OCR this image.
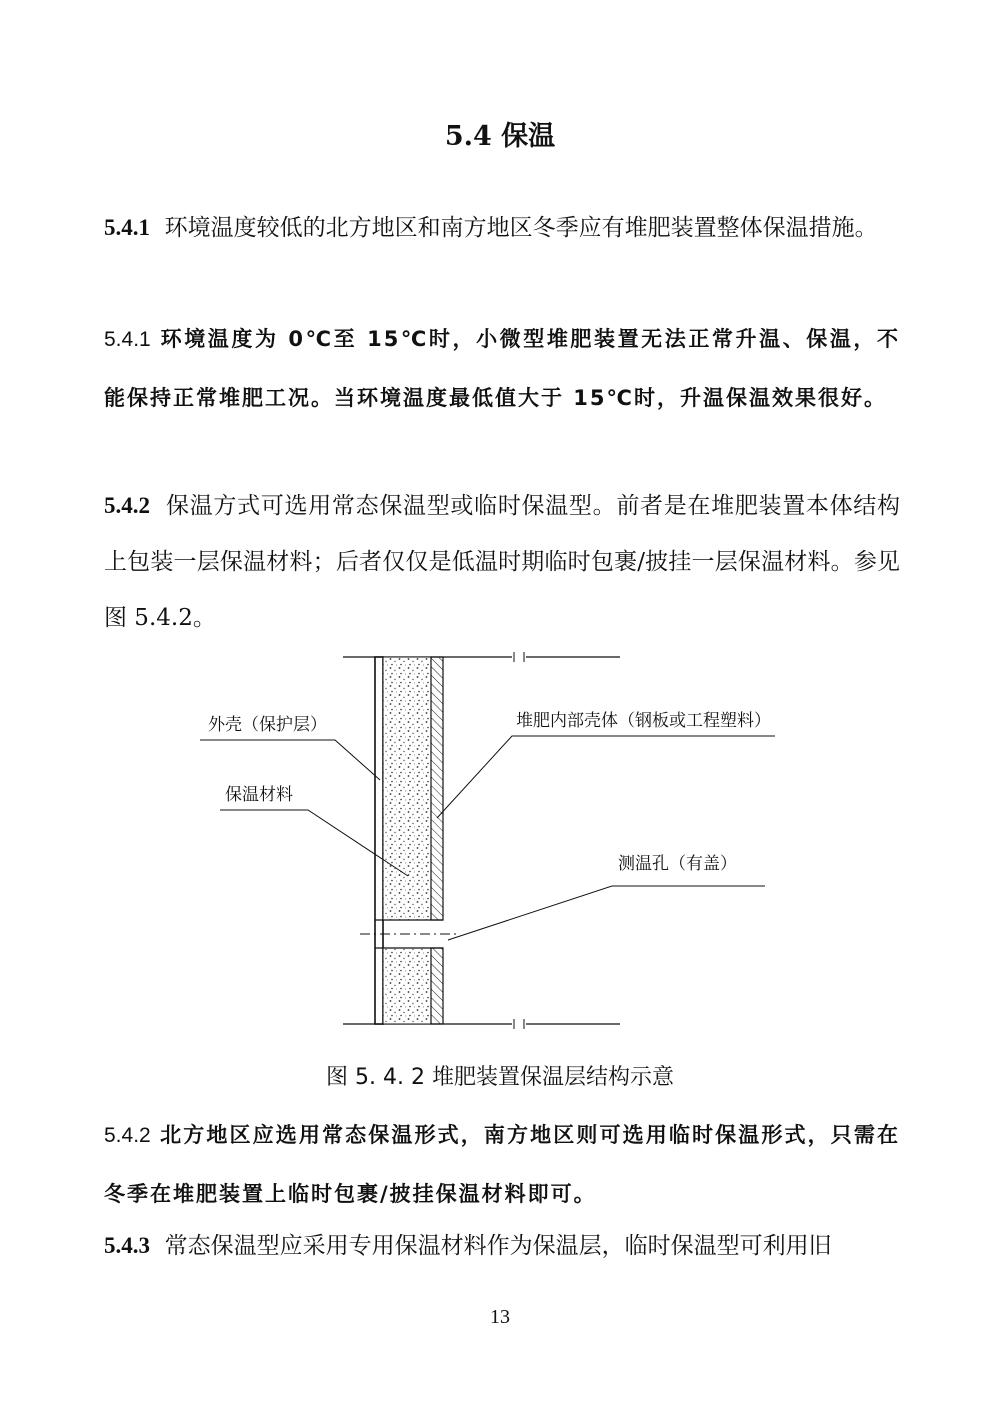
5.4 保温

5.4.1 环境温度较低的北方地区和南方地区冬季应有堆肥装置整体保温措施。

5.4.1 环境温度为 0℃至 15℃时，小微型堆肥装置无法正常升温、保温，不能保持正常堆肥工况。当环境温度最低值大于 15℃时，升温保温效果很好。

5.4.2 保温方式可选用常态保温型或临时保温型。前者是在堆肥装置本体结构上包装一层保温材料；后者仅仅是低温时期临时包裹/披挂一层保温材料。参见图 5.4.2。

外壳（保护层）
保温材料
堆肥内部壳体（钢板或工程塑料）
测温孔（有盖）
图 5. 4. 2 堆肥装置保温层结构示意

5.4.2 北方地区应选用常态保温形式，南方地区则可选用临时保温形式，只需在冬季在堆肥装置上临时包裹/披挂保温材料即可。

5.4.3 常态保温型应采用专用保温材料作为保温层，临时保温型可利用旧

13
